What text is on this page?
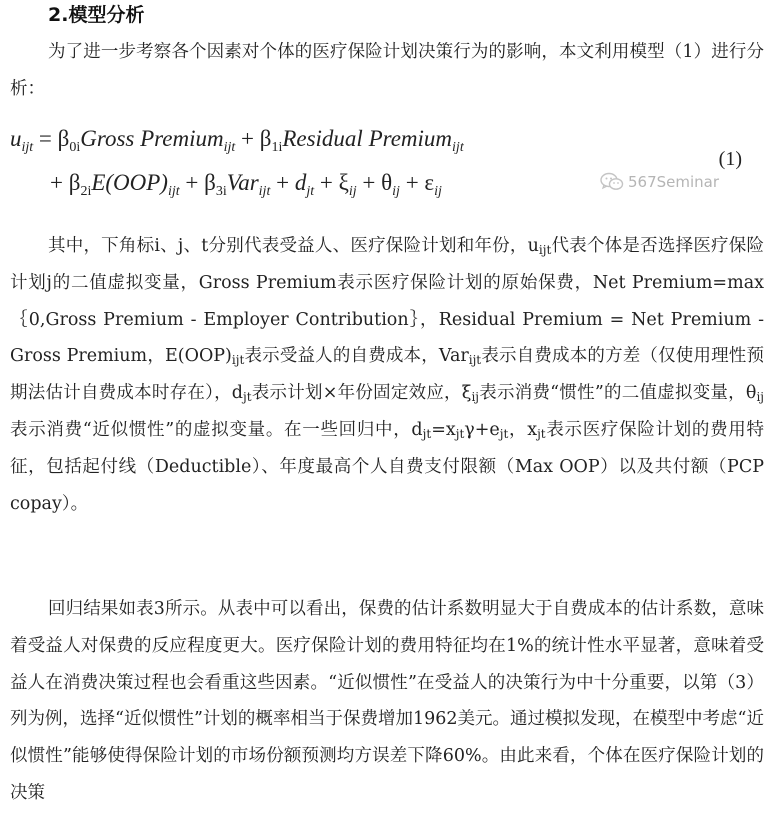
2.模型分析

为了进一步考察各个因素对个体的医疗保险计划决策行为的影响，本文利用模型（1）进行分析：

$u_{ijt}$ = $\beta_{0i}Gross$ Premium$_{ijt}$ + $\beta_{1i}Residual$ Premium$_{ijt}$
+ $\beta_{2i}E(OOP)_{ijt} + \beta_{3i}Var_{ijt} + d_{jt} + \xi_{ij} + \theta_{ij} + \varepsilon_{ij}$
(1)
567Seminar

其中，下角标i、j、t分别代表受益人、医疗保险计划和年份，$u_{ijt}$代表个体是否选择医疗保险计划j的二值虚拟变量，Gross Premium表示医疗保险计划的原始保费，Net Premium=max｛0,Gross Premium - Employer Contribution｝，Residual Premium = Net Premium - Gross Premium，$E(OOP)_{ijt}$表示受益人的自费成本，Var$_{ijt}$表示自费成本的方差（仅使用理性预期法估计自费成本时存在），$d_{jt}$表示计划×年份固定效应，$\xi_{ij}$表示消费“惯性”的二值虚拟变量，$\theta_{ij}$表示消费“近似惯性”的虚拟变量。在一些回归中，$d_{jt}=x_{jt}\gamma+e_{jt}$，$x_{jt}$表示医疗保险计划的费用特征，包括起付线（Deductible）、年度最高个人自费支付限额（Max OOP）以及共付额（PCP copay）。

回归结果如表3所示。从表中可以看出，保费的估计系数明显大于自费成本的估计系数，意味着受益人对保费的反应程度更大。医疗保险计划的费用特征均在1%的统计性水平显著，意味着受益人在消费决策过程也会看重这些因素。“近似惯性”在受益人的决策行为中十分重要，以第（3）列为例，选择“近似惯性”计划的概率相当于保费增加1962美元。通过模拟发现，在模型中考虑“近似惯性”能够使得保险计划的市场份额预测均方误差下降60%。由此来看，个体在医疗保险计划的决策
